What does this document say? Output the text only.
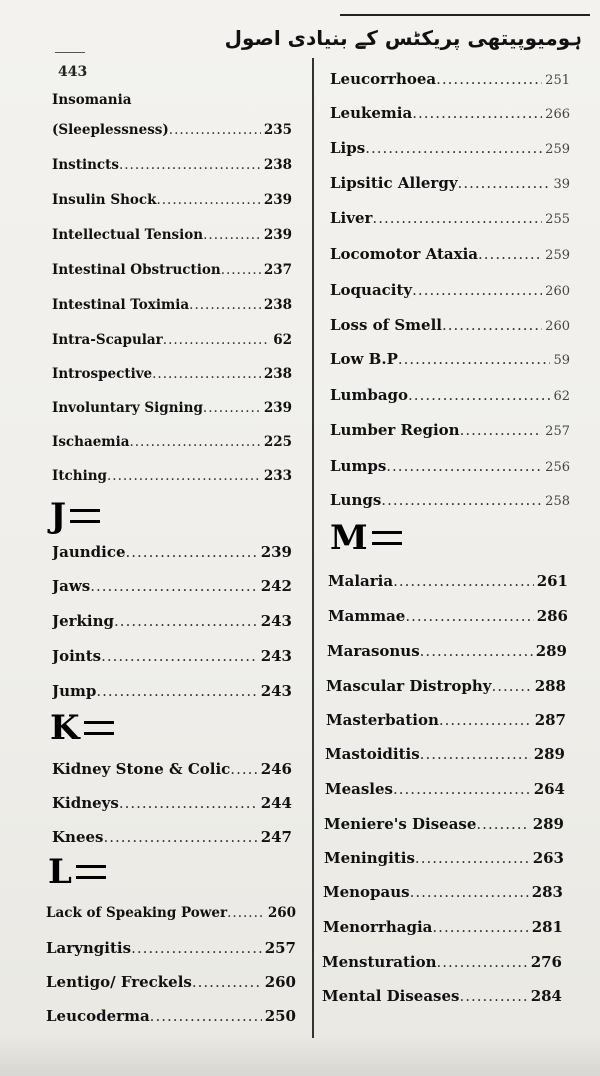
ہومیوپیتھی پریکٹس کے بنیادی اصول
443
Insomania
(Sleeplessness) .....	235
Instincts .....	238
Insulin Shock .....	239
Intellectual Tension .....	239
Intestinal Obstruction .....	237
Intestinal Toximia .....	238
Intra-Scapular .....	62
Introspective .....	238
Involuntary Signing .....	239
Ischaemia .....	225
Itching .....	233
J
Jaundice .....	239
Jaws .....	242
Jerking .....	243
Joints .....	243
Jump .....	243
K
Kidney Stone & Colic ..... 246
Kidneys .....	244
Knees .....	247
L
Lack of Speaking Power .....	260
Laryngitis .....	257
Lentigo/ Freckels .....	260
Leucoderma .....	250
Leucorrhoea .....	251
Leukemia .....	266
Lips .....	259
Lipsitic Allergy .....	39
Liver .....	255
Locomotor Ataxia .....	259
Loquacity .....	260
Loss of Smell .....	260
Low B.P .....	59
Lumbago .....	62
Lumber Region .....	257
Lumps .....	256
Lungs .....	258
M
Malaria .....	261
Mammae .....	286
Marasonus .....	289
Mascular Distrophy .....	288
Masterbation .....	287
Mastoiditis .....	289
Measles .....	264
Meniere's Disease .....	289
Meningitis .....	263
Menopaus .....	283
Menorrhagia .....	281
Mensturation .....	276
Mental Diseases .....	284
